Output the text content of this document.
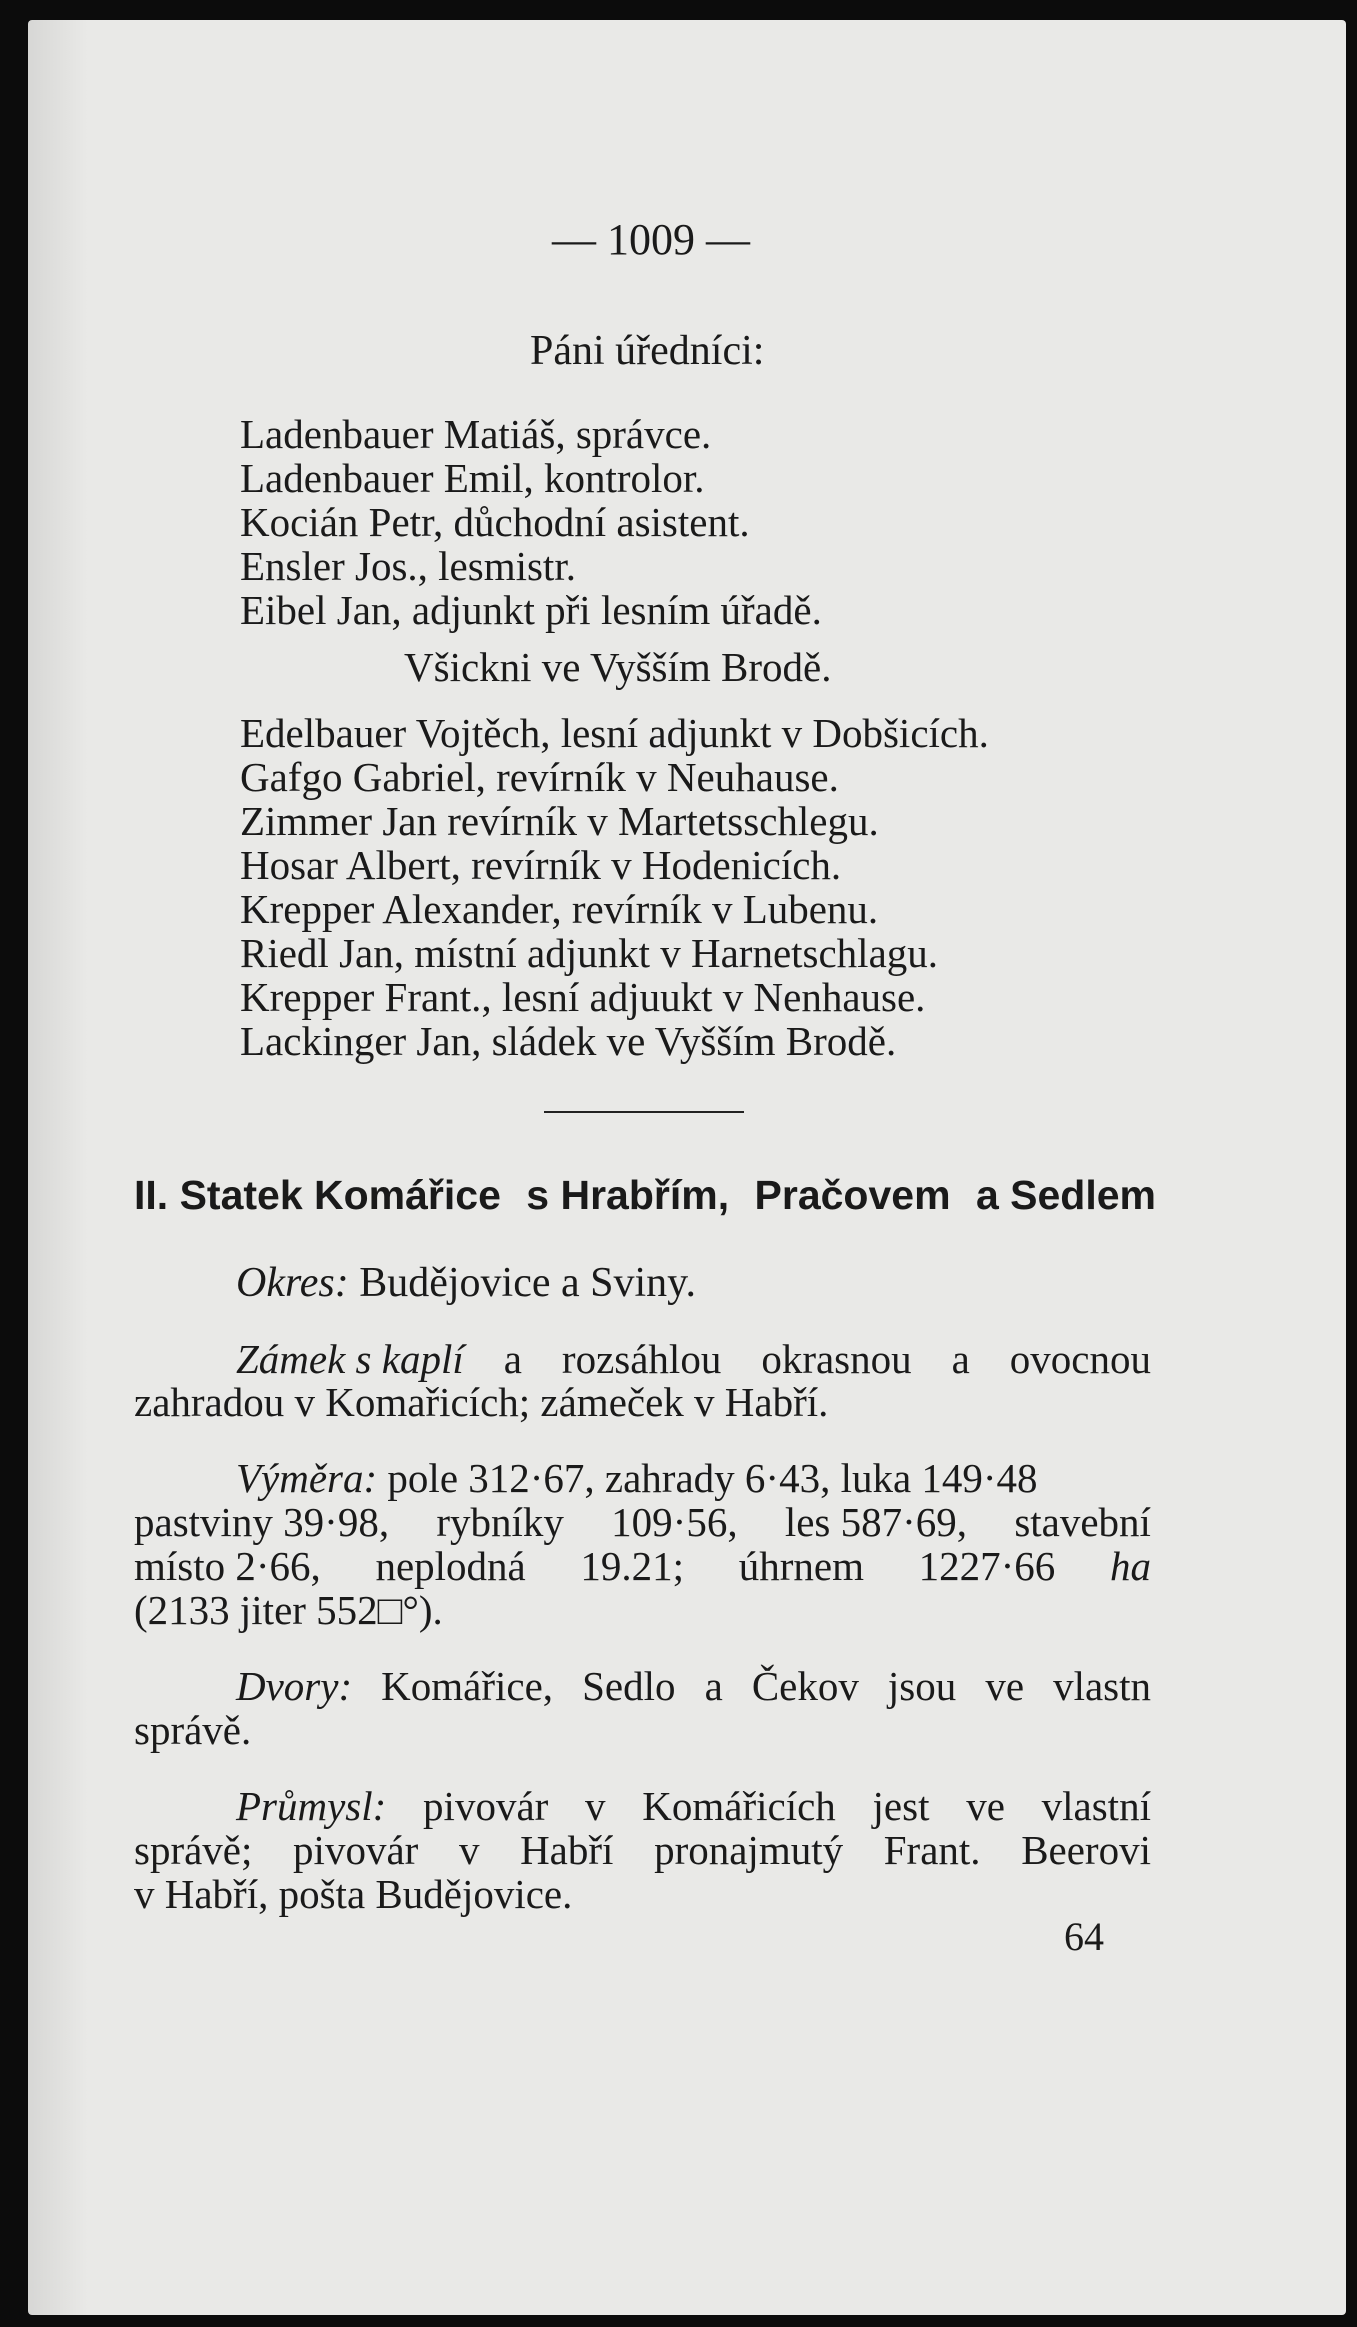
— 1009 —
Páni úředníci:
Ladenbauer Matiáš, správce.
Ladenbauer Emil, kontrolor.
Kocián Petr, důchodní asistent.
Ensler Jos., lesmistr.
Eibel Jan, adjunkt při lesním úřadě.
Všickni ve Vyšším Brodě.
Edelbauer Vojtěch, lesní adjunkt v Dobšicích.
Gafgo Gabriel, revírník v Neuhause.
Zimmer Jan revírník v Martetsschlegu.
Hosar Albert, revírník v Hodenicích.
Krepper Alexander, revírník v Lubenu.
Riedl Jan, místní adjunkt v Harnetschlagu.
Krepper Frant., lesní adjuukt v Nenhause.
Lackinger Jan, sládek ve Vyšším Brodě.
II. Statek Komářice s Hrabřím, Pračovem a Sedlem
Okres: Budějovice a Sviny.
Zámek s kaplí a rozsáhlou okrasnou a ovocnou
zahradou v Komařicích; zámeček v Habří.
Výměra: pole 312·67, zahrady 6·43, luka 149·48
pastviny 39·98, rybníky 109·56, les 587·69, stavební
místo 2·66, neplodná 19.21; úhrnem 1227·66 ha
(2133 jiter 552□°).
Dvory: Komářice, Sedlo a Čekov jsou ve vlastn
správě.
Průmysl: pivovár v Komářicích jest ve vlastní
správě; pivovár v Habří pronajmutý Frant. Beerovi
v Habří, pošta Budějovice.
64
